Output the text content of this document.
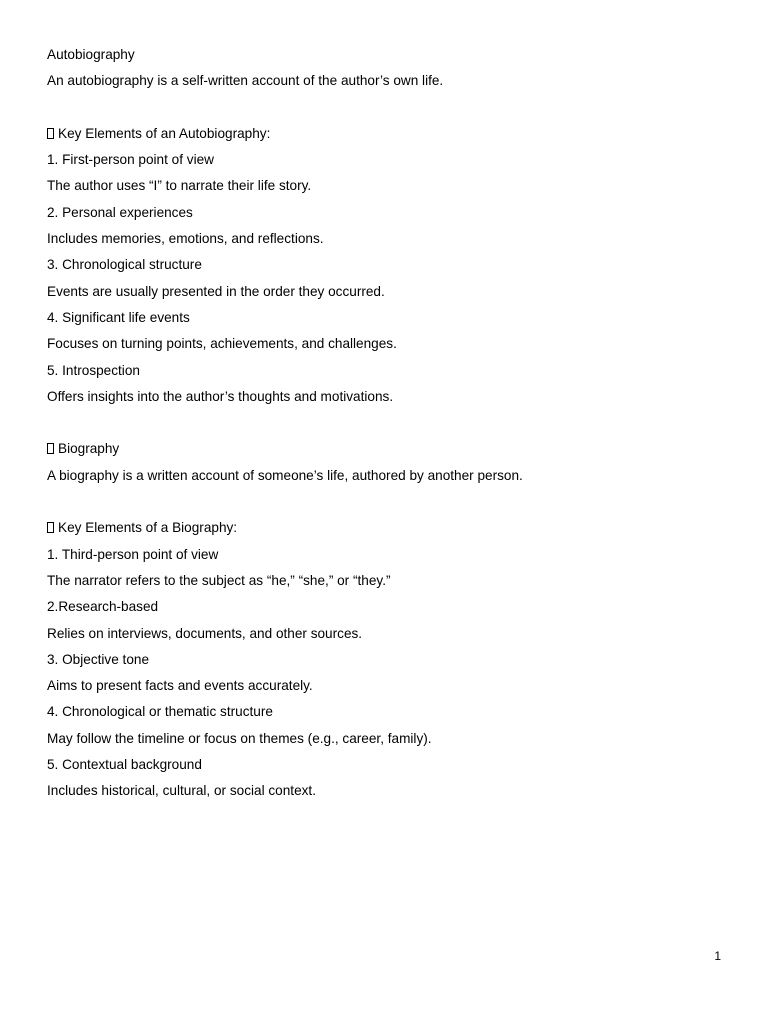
Autobiography
An autobiography is a self-written account of the author’s own life.
Key Elements of an Autobiography:
1. First-person point of view
The author uses “I” to narrate their life story.
2. Personal experiences
Includes memories, emotions, and reflections.
3. Chronological structure
Events are usually presented in the order they occurred.
4. Significant life events
Focuses on turning points, achievements, and challenges.
5. Introspection
Offers insights into the author’s thoughts and motivations.
Biography
A biography is a written account of someone’s life, authored by another person.
Key Elements of a Biography:
1. Third-person point of view
The narrator refers to the subject as “he,” “she,” or “they.”
2.Research-based
Relies on interviews, documents, and other sources.
3. Objective tone
Aims to present facts and events accurately.
4. Chronological or thematic structure
May follow the timeline or focus on themes (e.g., career, family).
5. Contextual background
Includes historical, cultural, or social context.
1
